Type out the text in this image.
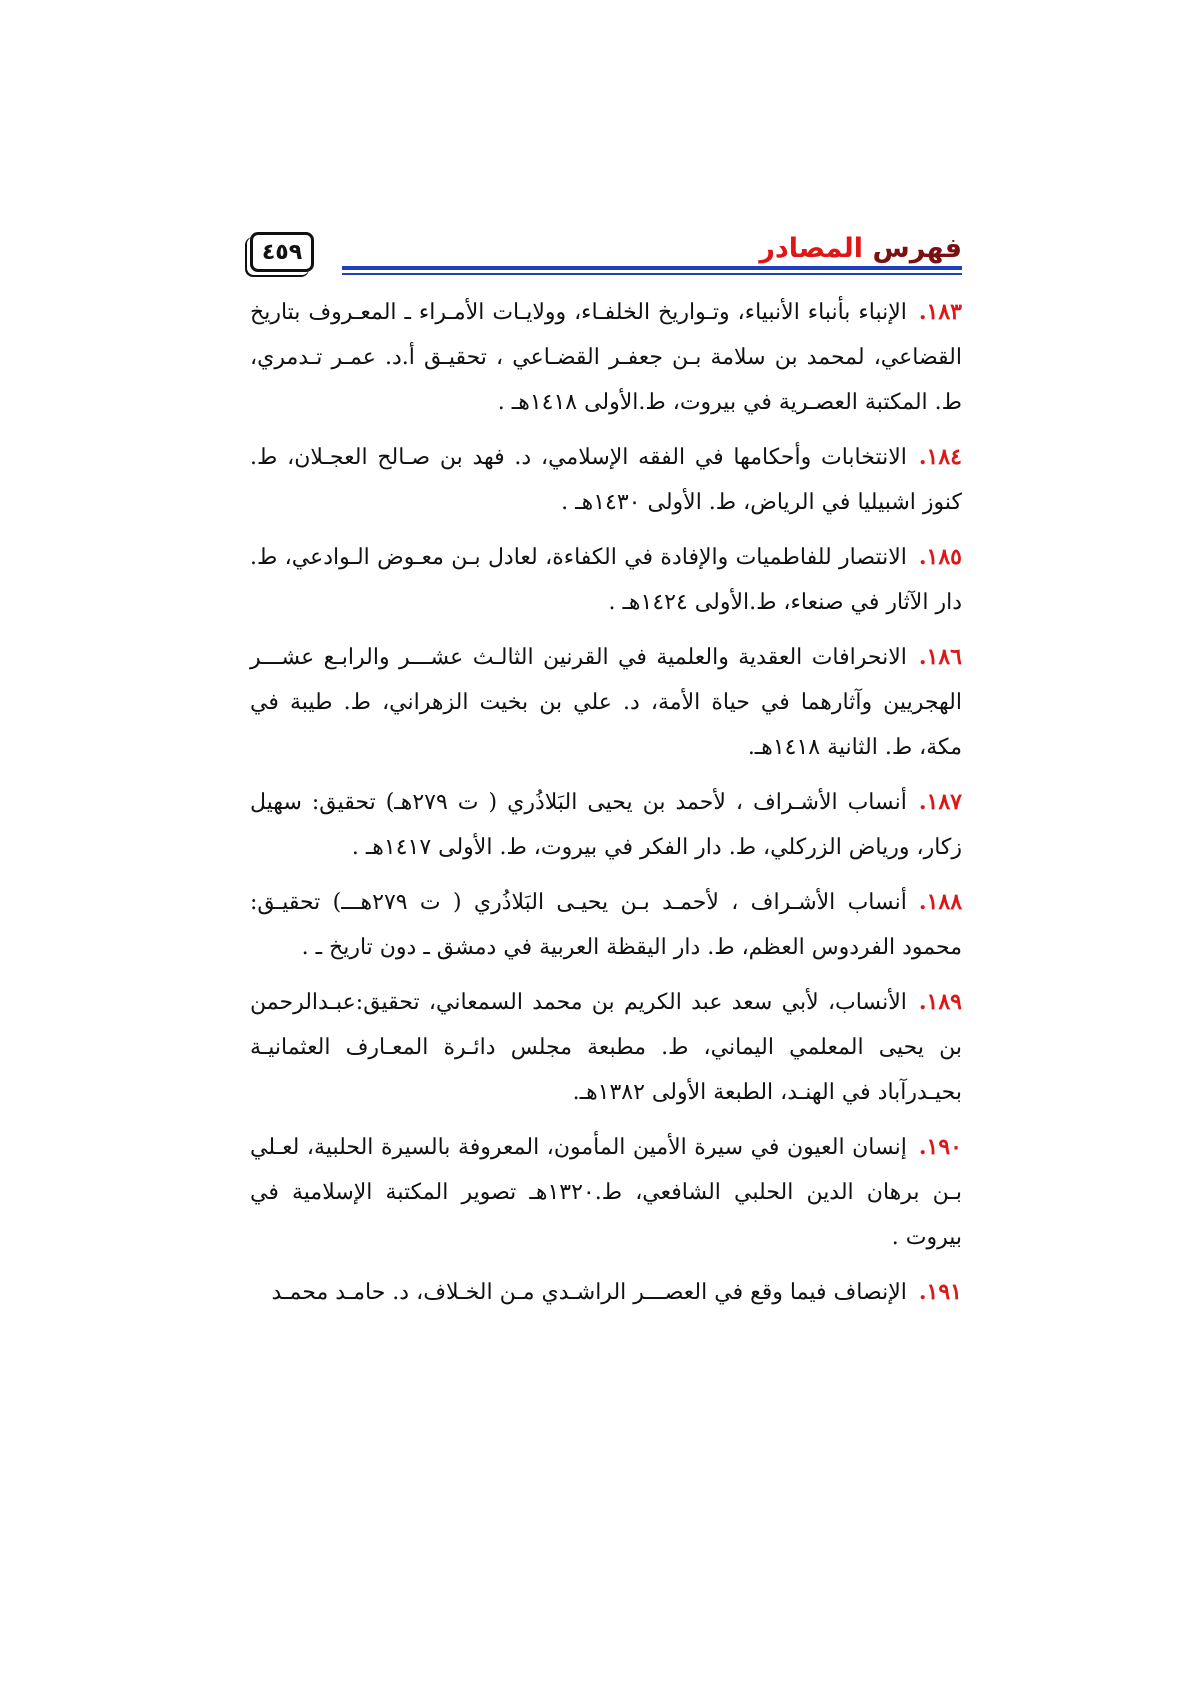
فهرس المصادر
٤٥٩

١٨٣.الإنباء بأنباء الأنبياء، وتـواريخ الخلفـاء، وولايـات الأمـراء ـ المعـروف بتاريخ القضاعي، لمحمد بن سلامة بـن جعفـر القضـاعي ، تحقيـق أ.د. عمـر تـدمري، ط. المكتبة العصـرية في بيروت، ط.الأولى ١٤١٨هـ .

١٨٤.الانتخابات وأحكامها في الفقه الإسلامي، د. فهد بن صـالح العجـلان، ط. كنوز اشبيليا في الرياض، ط. الأولى ١٤٣٠هـ .

١٨٥.الانتصار للفاطميات والإفادة في الكفاءة، لعادل بـن معـوض الـوادعي، ط. دار الآثار في صنعاء، ط.الأولى ١٤٢٤هـ .

١٨٦.الانحرافات العقدية والعلمية في القرنين الثالـث عشـــر والرابـع عشـــر الهجريين وآثارهما في حياة الأمة، د. علي بن بخيت الزهراني، ط. طيبة في مكة، ط. الثانية ١٤١٨هـ.

١٨٧.أنساب الأشـراف ، لأحمد بن يحيى البَلاذُري ( ت ٢٧٩هـ) تحقيق: سهيل زكار، ورياض الزركلي، ط. دار الفكر في بيروت، ط. الأولى ١٤١٧هـ .

١٨٨.أنساب الأشـراف ، لأحمـد بـن يحيـى البَلاذُري ( ت ٢٧٩هـــ) تحقيـق: محمود الفردوس العظم، ط. دار اليقظة العربية في دمشق ـ دون تاريخ ـ .

١٨٩.الأنساب، لأبي سعد عبد الكريم بن محمد السمعاني، تحقيق:عبـدالرحمن بن يحيى المعلمي اليماني، ط. مطبعة مجلس دائـرة المعـارف العثمانيـة بحيـدرآباد في الهنـد، الطبعة الأولى ١٣٨٢هـ.

١٩٠.إنسان العيون في سيرة الأمين المأمون، المعروفة بالسيرة الحلبية، لعـلي بـن برهان الدين الحلبي الشافعي، ط.١٣٢٠هـ تصوير المكتبة الإسلامية في بيروت .

١٩١.الإنصاف فيما وقع في العصـــر الراشـدي مـن الخـلاف، د. حامـد محمـد
